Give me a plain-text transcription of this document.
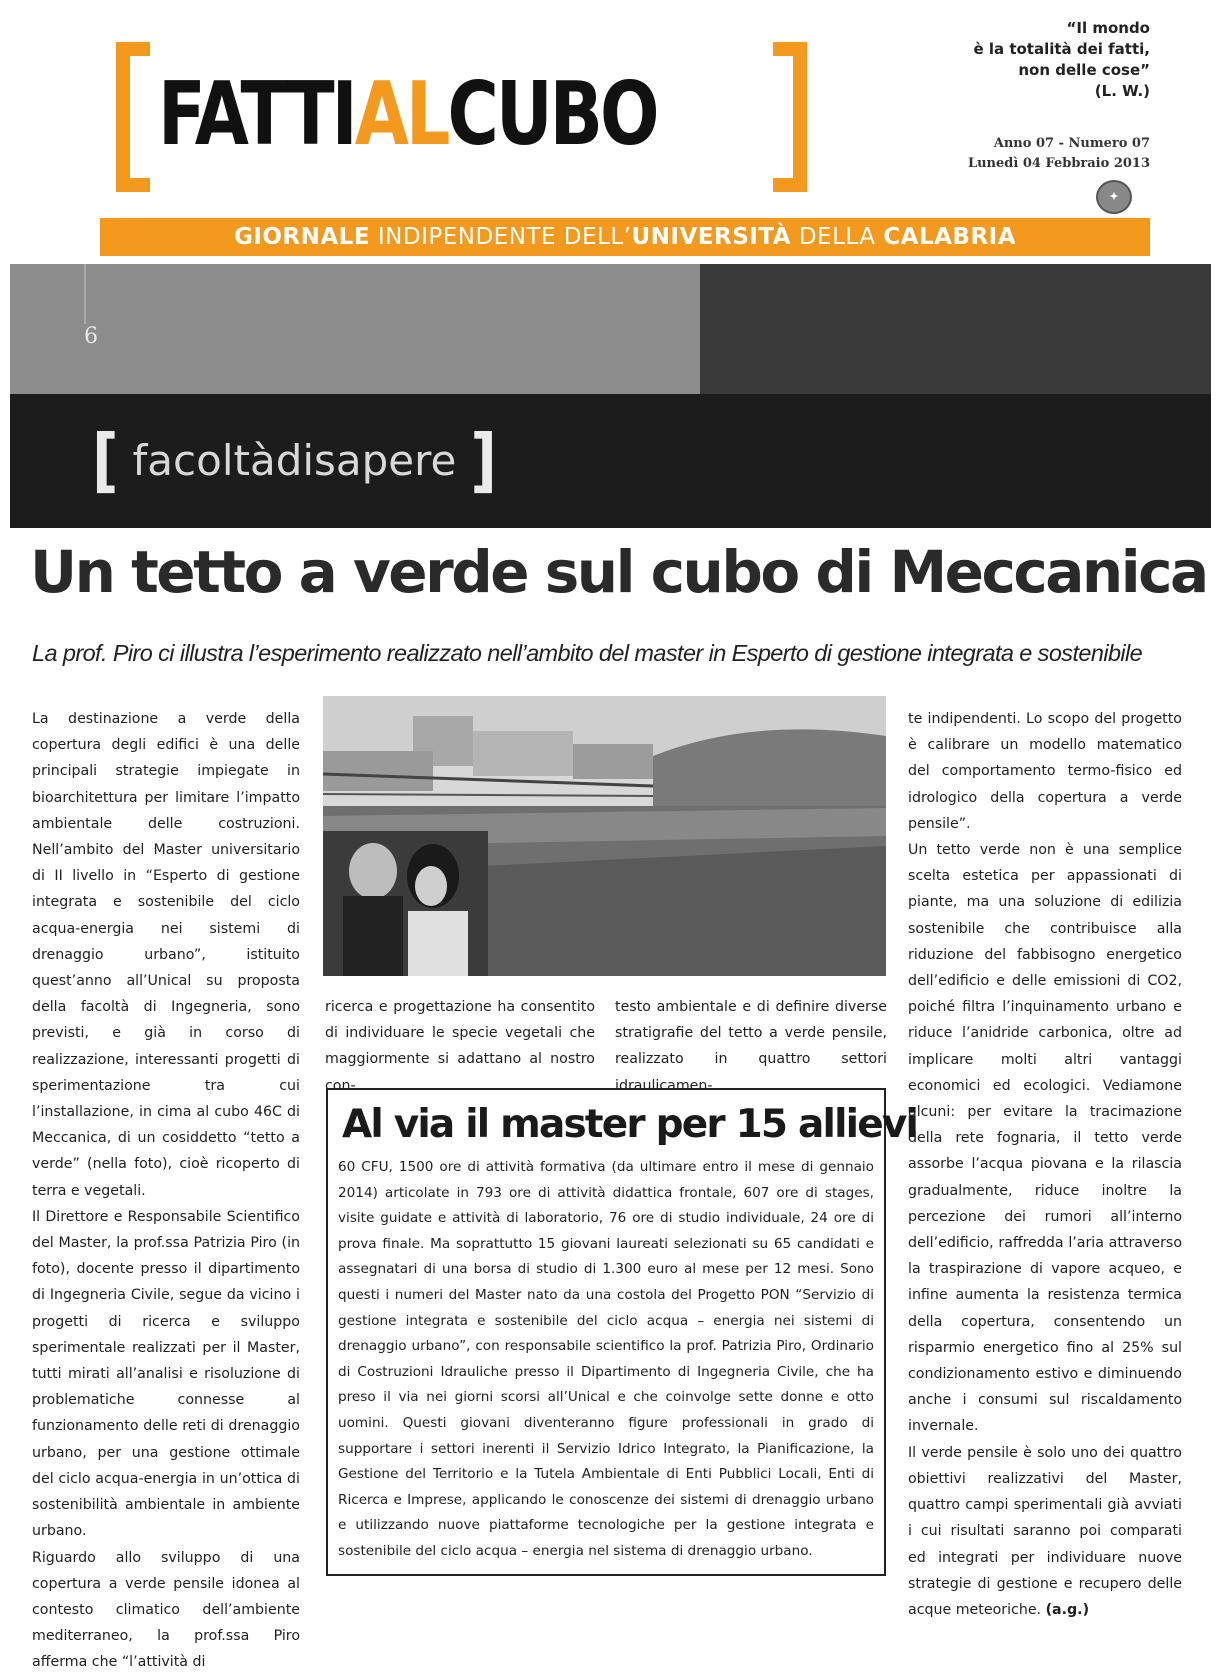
FATTIALCUBO
“Il mondo
è la totalità dei fatti,
non delle cose”
(L. W.)
Anno 07 - Numero 07
Lunedì 04 Febbraio 2013
✦
GIORNALE INDIPENDENTE DELL’UNIVERSITÀ DELLA CALABRIA
6
[ facoltàdisapere ]
Un tetto a verde sul cubo di Meccanica
La prof. Piro ci illustra l’esperimento realizzato nell’ambito del master in Esperto di gestione integrata e sostenibile
La destinazione a verde della copertura degli edifici è una delle principali strategie impiegate in bioarchitettura per limitare l’impatto ambientale delle costruzioni. Nell’ambito del Master universitario di II livello in “Esperto di gestione integrata e sostenibile del ciclo acqua-energia nei sistemi di drenaggio urbano”, istituito quest’anno all’Unical su proposta della facoltà di Ingegneria, sono previsti, e già in corso di realizzazione, interessanti progetti di sperimentazione tra cui l’installazione, in cima al cubo 46C di Meccanica, di un cosiddetto “tetto a verde” (nella foto), cioè ricoperto di terra e vegetali.
Il Direttore e Responsabile Scientifico del Master, la prof.ssa Patrizia Piro (in foto), docente presso il dipartimento di Ingegneria Civile, segue da vicino i progetti di ricerca e sviluppo sperimentale realizzati per il Master, tutti mirati all’analisi e risoluzione di problematiche connesse al funzionamento delle reti di drenaggio urbano, per una gestione ottimale del ciclo acqua-energia in un’ottica di sostenibilità ambientale in ambiente urbano.
Riguardo allo sviluppo di una copertura a verde pensile idonea al contesto climatico dell’ambiente mediterraneo, la prof.ssa Piro afferma che “l’attività di
ricerca e progettazione ha consentito di individuare le specie vegetali che maggiormente si adattano al nostro con-
testo ambientale e di definire diverse stratigrafie del tetto a verde pensile, realizzato in quattro settori idraulicamen-
te indipendenti. Lo scopo del progetto è calibrare un modello matematico del comportamento termo-fisico ed idrologico della copertura a verde pensile”.
Un tetto verde non è una semplice scelta estetica per appassionati di piante, ma una soluzione di edilizia sostenibile che contribuisce alla riduzione del fabbisogno energetico dell’edificio e delle emissioni di CO2, poiché filtra l’inquinamento urbano e riduce l’anidride carbonica, oltre ad implicare molti altri vantaggi economici ed ecologici. Vediamone alcuni: per evitare la tracimazione della rete fognaria, il tetto verde assorbe l’acqua piovana e la rilascia gradualmente, riduce inoltre la percezione dei rumori all’interno dell’edificio, raffredda l’aria attraverso la traspirazione di vapore acqueo, e infine aumenta la resistenza termica della copertura, consentendo un risparmio energetico fino al 25% sul condizionamento estivo e diminuendo anche i consumi sul riscaldamento invernale.
Il verde pensile è solo uno dei quattro obiettivi realizzativi del Master, quattro campi sperimentali già avviati i cui risultati saranno poi comparati ed integrati per individuare nuove strategie di gestione e recupero delle acque meteoriche. (a.g.)
Al via il master per 15 allievi
60 CFU, 1500 ore di attività formativa (da ultimare entro il mese di gennaio 2014) articolate in 793 ore di attività didattica frontale, 607 ore di stages, visite guidate e attività di laboratorio, 76 ore di studio individuale, 24 ore di prova finale. Ma soprattutto 15 giovani laureati selezionati su 65 candidati e assegnatari di una borsa di studio di 1.300 euro al mese per 12 mesi. Sono questi i numeri del Master nato da una costola del Progetto PON “Servizio di gestione integrata e sostenibile del ciclo acqua – energia nei sistemi di drenaggio urbano”, con responsabile scientifico la prof. Patrizia Piro, Ordinario di Costruzioni Idrauliche presso il Dipartimento di Ingegneria Civile, che ha preso il via nei giorni scorsi all’Unical e che coinvolge sette donne e otto uomini. Questi giovani diventeranno figure professionali in grado di supportare i settori inerenti il Servizio Idrico Integrato, la Pianificazione, la Gestione del Territorio e la Tutela Ambientale di Enti Pubblici Locali, Enti di Ricerca e Imprese, applicando le conoscenze dei sistemi di drenaggio urbano e utilizzando nuove piattaforme tecnologiche per la gestione integrata e sostenibile del ciclo acqua – energia nel sistema di drenaggio urbano.
